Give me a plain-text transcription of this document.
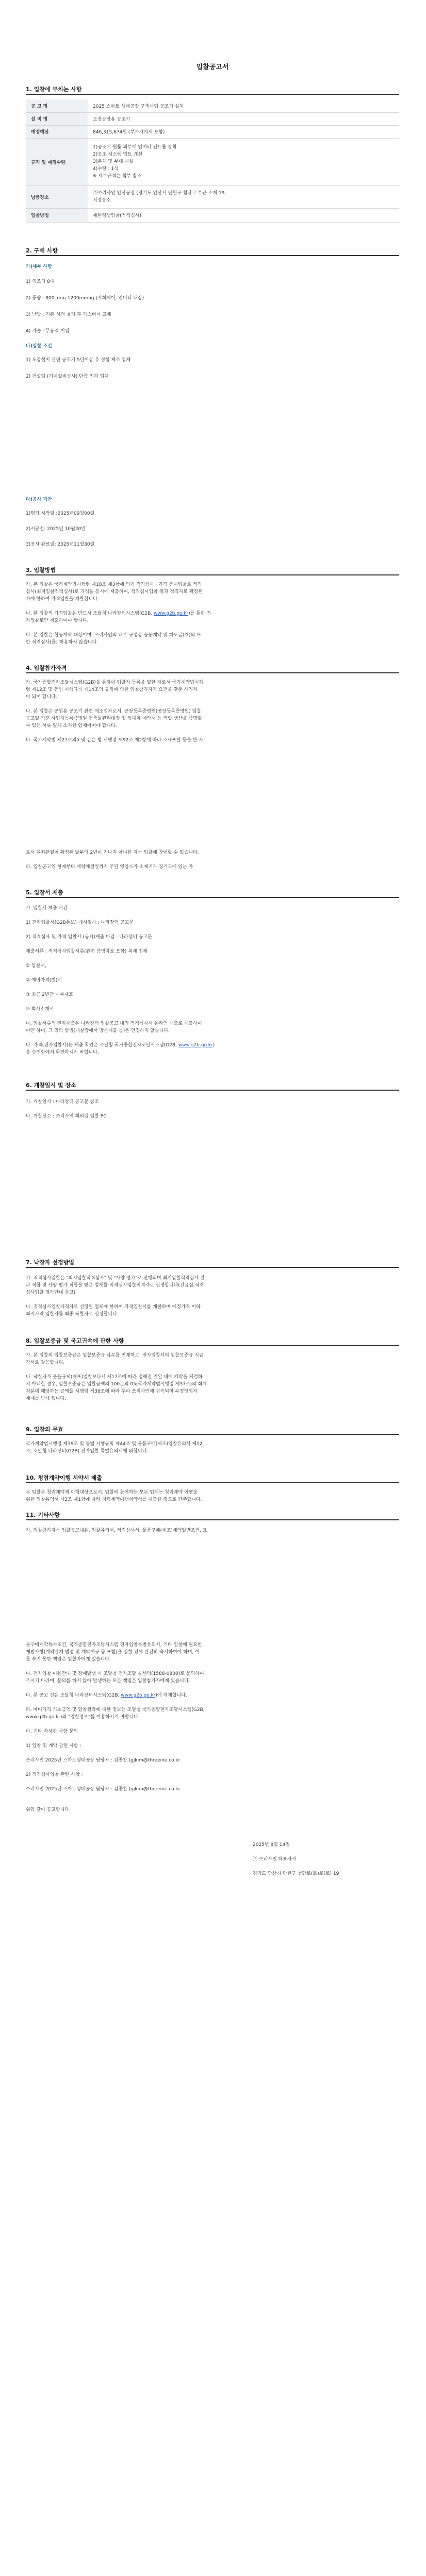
입찰공고서
1. 입찰에 부치는 사항
공 고 명	2025 스마트 생태공장 구축사업 공조기 설치
설 비 명	도장공장용 공조기
예정예산	846,315,674원 (부가가치세 포함)
규격 및 예정수량	1)공조기 원룸 외부에 인버터 컨트롤 장착
2)공조 시스템 덕트 개선
3)분체 및 부대 시설
4)수량 : 1식
※ 세부규격은 첨부 참조

납품장소	㈜쓰리사인 안산공장 (경기도 안산시 단원구 첨단로 부근 소재 19,
지정장소

입찰방법	제한경쟁입찰(적격심사)
2. 구매 사항
가)세부 사항
1) 외조기 8대
2) 풍량 : 800cmm 1200mmaq (저희제어, 인버터 내장)
3) 난방 : 기존 히터 철거 후 가스버너 교체
4) 가습 : 무동력 미입
나)입찰 조건
1) 도장설비 관련 공조기 5년이상 유 경험 제조 업체
2) 건설업 (기계설비공사) 단종 면허 업체
다)공사 기간
1)평가 시작일 :2025년09월00일
2)시공전: 2025년 10월20일
3)공사 완료일: 2025년11월30일
3. 입찰방법
가. 본 입찰은 국가계약법시행령 제18조 제3항에 의거 적격심사 · 가격 동시입찰로 적격
심사(최저입찰적격심사)로 가격을 동시에 제출하며, 적격심사입찰 결과 적격자로 확정된
자에 한하여 가격입찰을 개찰합니다.
나. 본 입찰의 가격입찰은 반드시 조달청 나라장터시스템(G2B, www.g2b.go.kr)를 통한 전
자입찰로만 제출하여야 합니다.
다. 본 입찰은 협동계약 대상이며, 쓰리사인의 내부 규정상 공동계약 및 하도급(재)의 또
한 적격심사(를) 허용하지 않습니다.
4. 입찰참가자격
가. 국가종합전자조달시스템(G2B)을 통하여 입찰자 등록을 필한 자로서 국가계약법시행
령 제12조 및 동법 시행규칙 제14조의 규정에 의한 입찰참가자격 요건을 갖춘 사업자
이 되어 합니다.
나. 본 입찰은 공업용 공조기 관련 제조업자로서, 공장등록증명원(공장등록증명원) 입찰
공고일 기준 사업자등록증명원 건축물관리대장 및 입대차 계약서 등 적합 생산을 증명할
수 있는 서류 일체 소지한 업체이어야 합니다.
다. 국가계약법 제27조의5 및 같은 법 시행령 제92조 제2항에 따라 조세포탈 등을 한 자
로서 유죄판결이 확정된 날부터 2년이 지나지 아니한 자는 입찰에 참여할 수 없습니다.
라. 입찰공고일 현재부터 계약체결일까지 주된 영업소가 소재지가 경기도에 있는 자
5. 입찰서 제출
가. 입찰서 제출 기간
1) 전자입찰서(G2B통보) 개시일시 : 나라장터 공고문
2) 적격심사 및 가격 입찰서 (동시)제출 마감 : 나라장터 공고문
제출서류 : 적격심사입찰서류(관련 증빙자료 포함) 복제 접제
① 입찰서,
② 예비가격(별)서
③ 최근 2년간 재무제표
④ 회사소개서
나. 입찰서류의 전자제출은 나라장터 입찰공고 내의 적격심사서 온라인 제출로 제출하여
야만 하며, 그 외의 방법(개찰장에서 방문제출 등)은 인정하지 않습니다.
다. 가격(전자입찰서)는 제출 확인은 조달청 국가종합전자조달시스템(G2B, www.g2b.go.kr)
을 승인함에서 확인하시기 바랍니다.
6. 개찰일시 및 장소
가. 개찰일시 : 나라장터 공고문 참조
나. 개찰장소 : 쓰리사인 회의실 입찰 PC
7. 낙찰자 선정방법
가. 적격심사입찰은 "최저입찰적격심사" 및 "사양 평가"로 진행되며 최저입찰적격심사 결
과 적합 및 사양 평가 적합을 받은 업체를 적격심사입찰적격자로 선정합니다(긴급심,적격
심사입찰 평가단내 참고)
나. 적격심사입찰자격자로 선정된 업체에 한하여 가격입찰서를 개찰하며 예정가격 이하
최저가격 입찰자를 최종 낙찰자로 선정합니다.
8. 입찰보증금 및 국고귀속에 관한 사항
가. 본 입찰의 입찰보증금은 입찰보증금 납부를 면제하고, 전자입찰서의 입찰보증금 지급
각서로 갈음합니다.
나. 낙찰자가 을을규제(체포)입찰보다서 제17조에 따라 정해진 기일 내에 계약을 체결하
지 아니할 경우, 입찰보증금은 입찰금액의 100분의 05(국가계약법시행령 제37조)의 회계
처분에 해당하는 금액을 시행령 제38조에 따라 우리 쓰리사인에 귀속되며 부정당업자
제재를 받게 됩니다.
9. 입찰의 무효
국가계약법시행령 제39조 및 동법 시행규칙 제44조 및 물품구매(제조)입찰유의서 제12
조, 조달청 나라장터(G2B) 전자입찰 특별유의서에 의합니다.
10. 청렴계약이행 서약서 제출
본 입찰은 청렴계약제 이행대상으로서, 입찰에 참여하는 모든 업체는 청렴계약 이행을
위한 입찰유의서 제3조 제1항에 따라 청렴계약이행서약서를 제출한 것으로 간주합니다.
11. 기타사항
가. 입찰참가자는 입찰공고내용, 입찰유의서, 적격심사서, 물품구매(제조)계약일반조건, 표
물구매계약특수조건, 국가종합전자조달시스템 전자입찰특별유의서, 기타 입찰에 필요한
제반사항(계약관계 법령 및 계약예규 등 포함)을 입찰 전에 완전히 숙지하여야 하며, 이
를 숙지 못한 책임은 입찰자에게 있습니다.
나. 전자입찰 이용안내 및 장애발생 시 조달청 전자조달 콜센터(1588-0800)로 문의하여
주시기 바라며, 문의를 하지 않아 발생하는 모든 책임은 입찰참가자에게 있습니다.
다. 본 공고 건은 조달청 나라장터시스템(G2B, www.g2b.go.kr)에 게재합니다.
라. 예비가격 기초금액 및 입찰결과에 대한 정보는 조달청 국가종합전자조달시스템(G2B,
www.g2b.go.kr)의 "입찰정보"를 이용하시기 바랍니다.
마. 기타 자세한 사항 문의
1) 입찰 및 계약 관련 사항 :
쓰리사인 2025년 스마트생태공장 담당자 : 김종찬 (gjkim@threeine.co.kr
2) 적격심사입찰 관련 사항 :
쓰리사인 2025년 스마트생태공장 담당자 : 김종찬 (gjkim@threeine.co.kr
위와 같이 공고합니다.
2025년 8월 14일
㈜ 쓰리사인 대표자사
경기도 안산시 단원구 첨단로(로)로(로) 19
